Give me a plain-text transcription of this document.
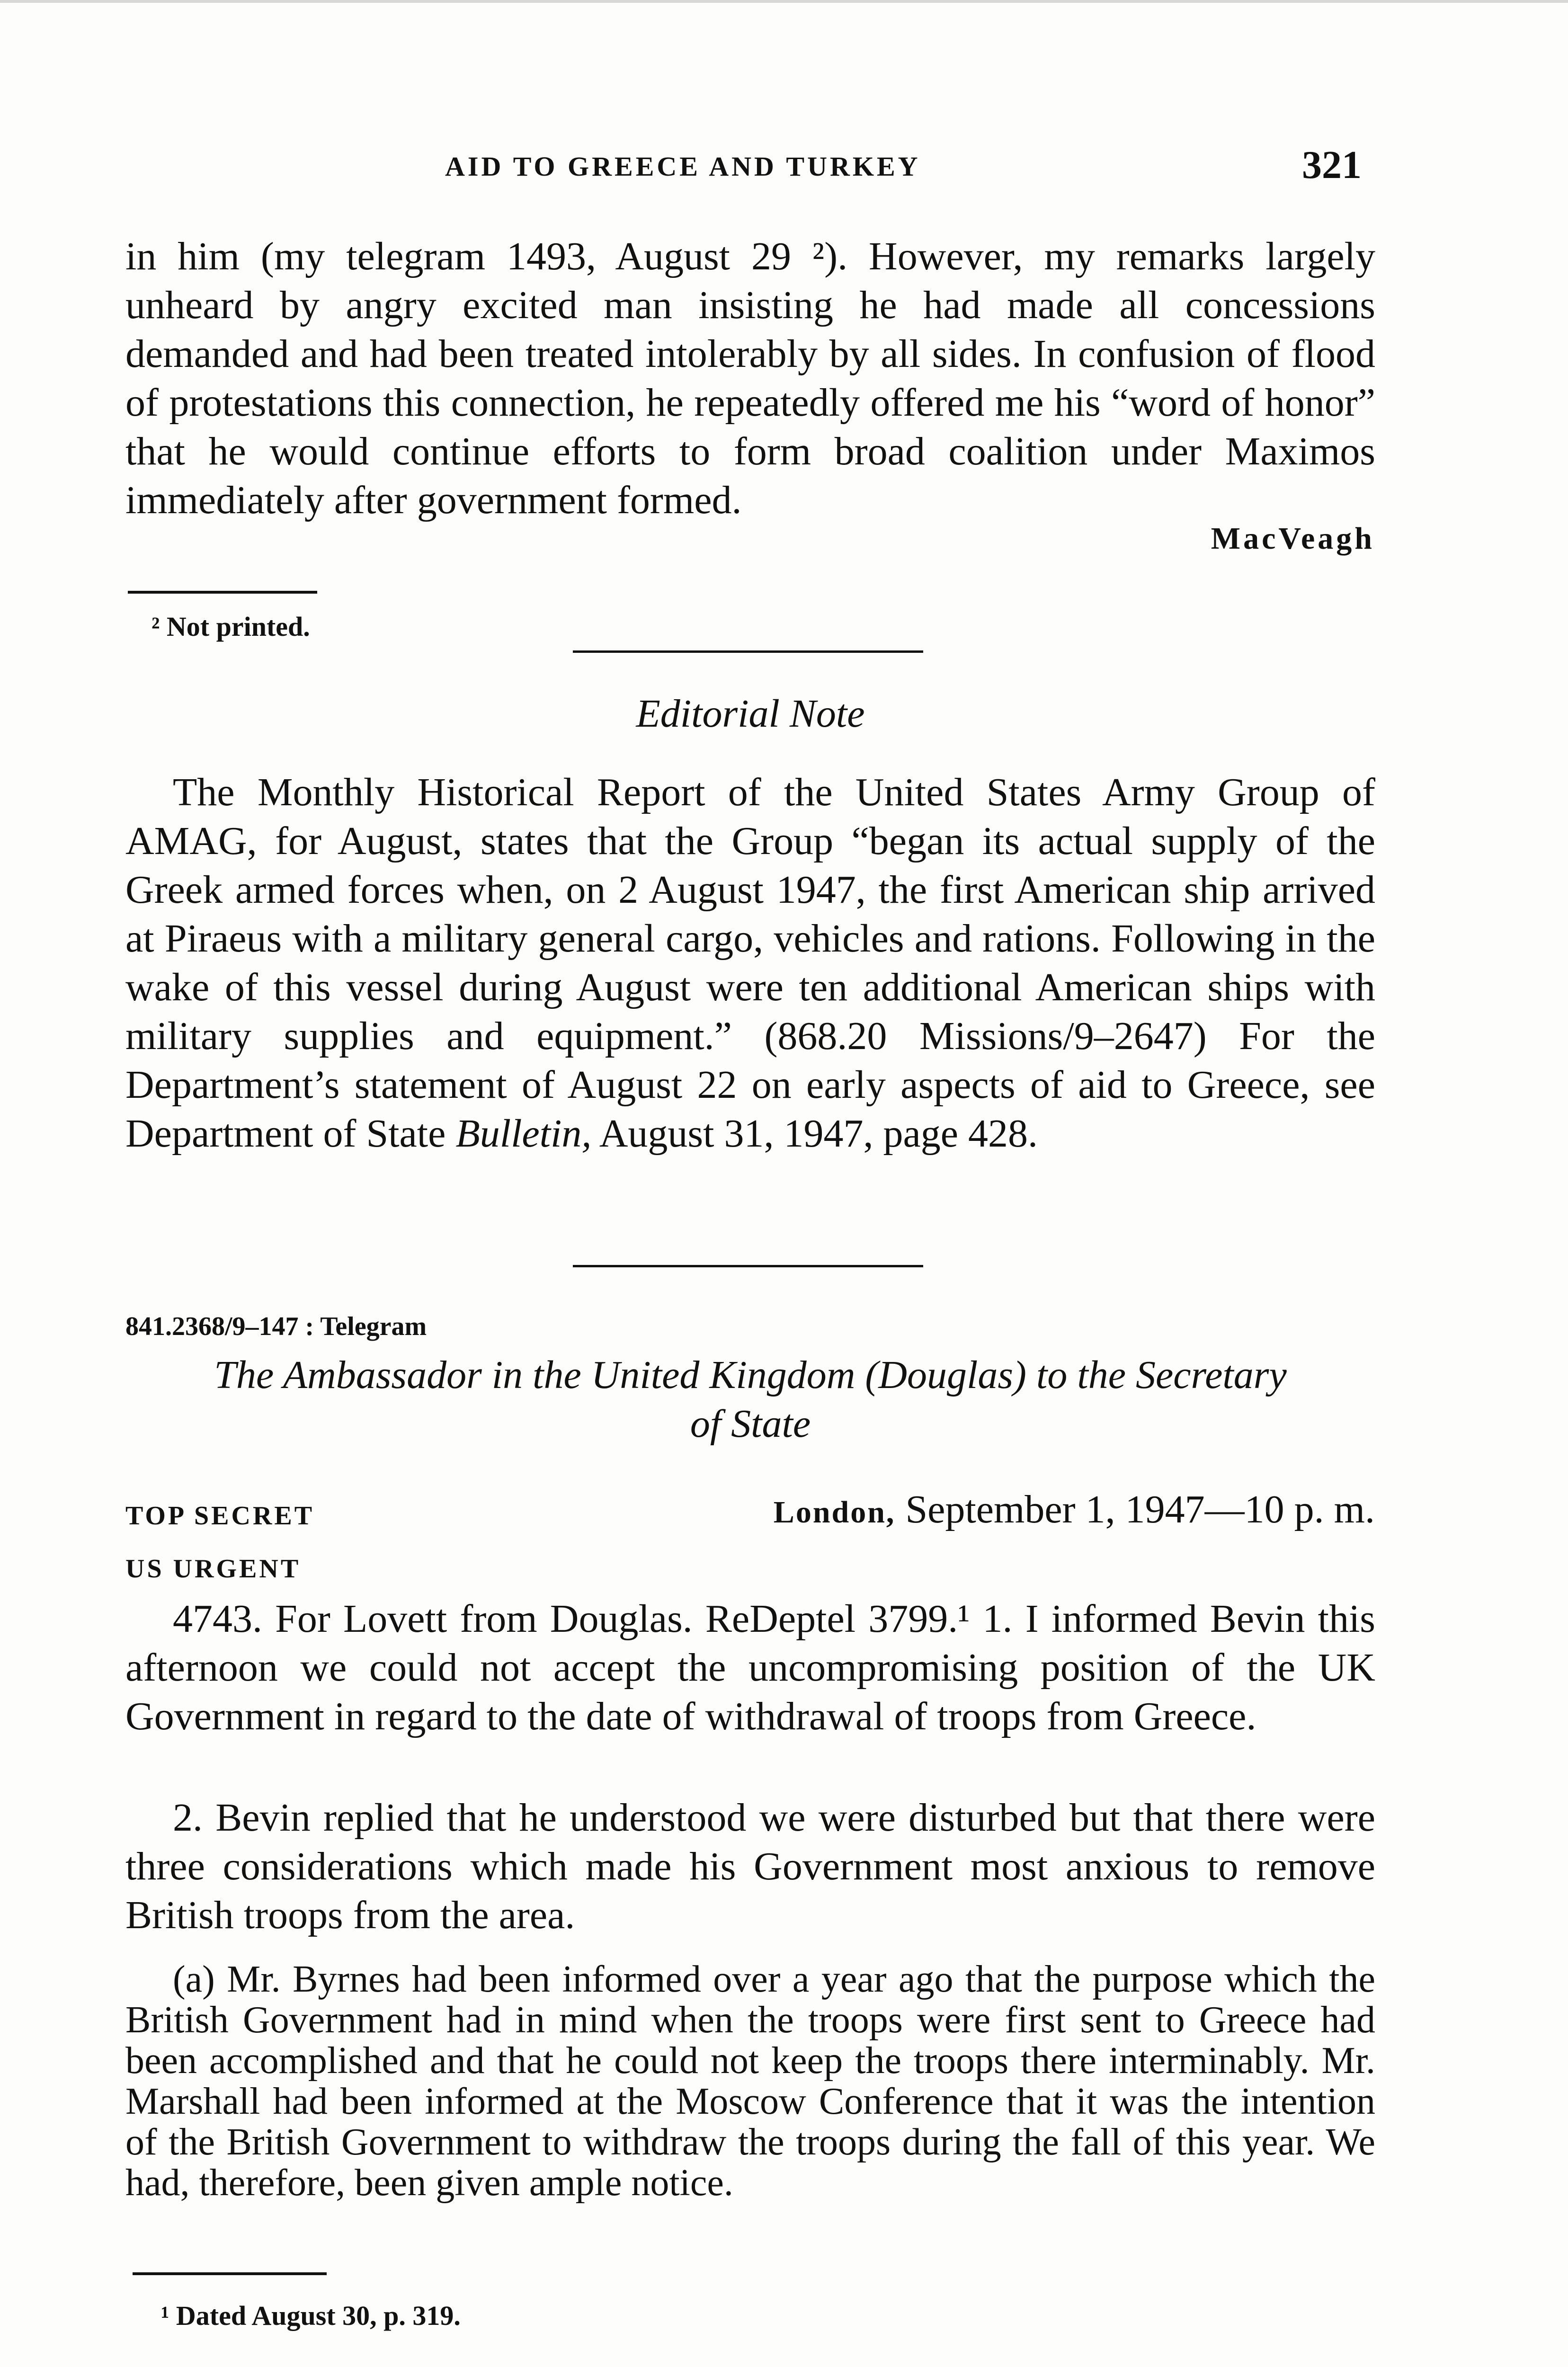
AID TO GREECE AND TURKEY	321

in him (my telegram 1493, August 29 ²). However, my remarks largely unheard by angry excited man insisting he had made all concessions demanded and had been treated intolerably by all sides. In confusion of flood of protestations this connection, he repeatedly offered me his “word of honor” that he would continue efforts to form broad coalition under Maximos immediately after government formed.

MacVeagh
² Not printed.
Editorial Note

The Monthly Historical Report of the United States Army Group of AMAG, for August, states that the Group “began its actual supply of the Greek armed forces when, on 2 August 1947, the first American ship arrived at Piraeus with a military general cargo, vehicles and rations. Following in the wake of this vessel during August were ten additional American ships with military supplies and equipment.” (868.20 Missions/9–2647) For the Department’s statement of August 22 on early aspects of aid to Greece, see Department of State Bulletin, August 31, 1947, page 428.

841.2368/9–147 : Telegram
The Ambassador in the United Kingdom (Douglas) to the Secretary
of State
TOP SECRET
US URGENT
London, September 1, 1947—10 p. m.

4743. For Lovett from Douglas. ReDeptel 3799.¹ 1. I informed Bevin this afternoon we could not accept the uncompromising position of the UK Government in regard to the date of withdrawal of troops from Greece.

2. Bevin replied that he understood we were disturbed but that there were three considerations which made his Government most anxious to remove British troops from the area.

(a) Mr. Byrnes had been informed over a year ago that the purpose which the British Government had in mind when the troops were first sent to Greece had been accomplished and that he could not keep the troops there interminably. Mr. Marshall had been informed at the Moscow Conference that it was the intention of the British Government to withdraw the troops during the fall of this year. We had, therefore, been given ample notice.

¹ Dated August 30, p. 319.
